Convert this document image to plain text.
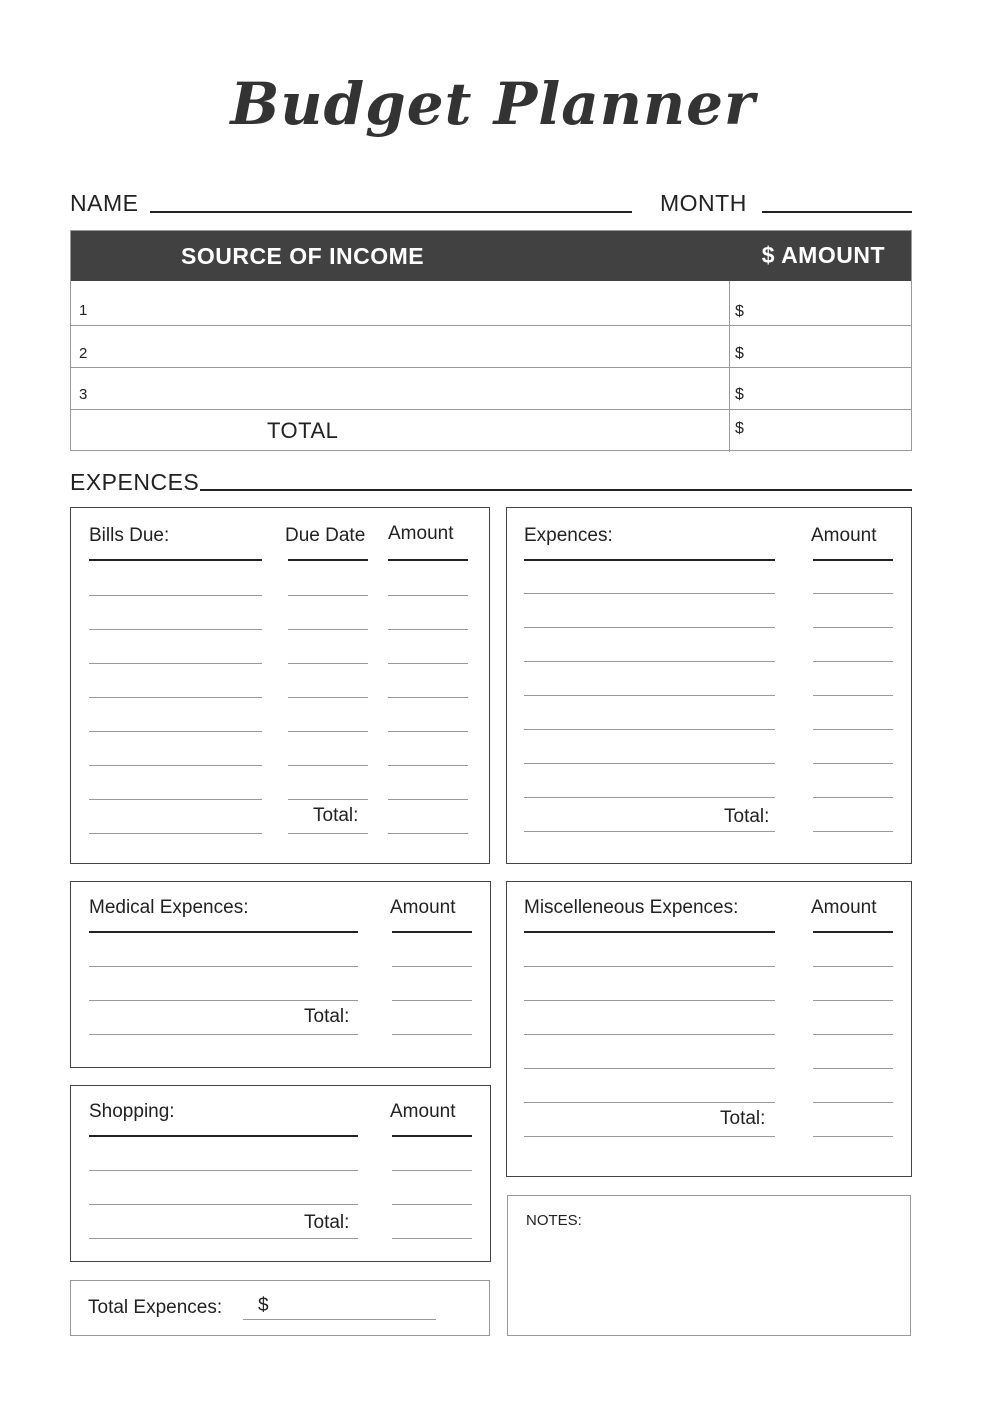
Budget Planner
NAME	MONTH
SOURCE OF INCOME	$ AMOUNT
1	$
2	$
3	$
TOTAL	$
EXPENCES
Bills Due:	Due Date Amount
Total:
Expences:	Amount
Total:
Medical Expences:	Amount
Total:
Miscelleneous Expences:	Amount
Total:
Shopping:	Amount
Total:
Total Expences: $
NOTES:
